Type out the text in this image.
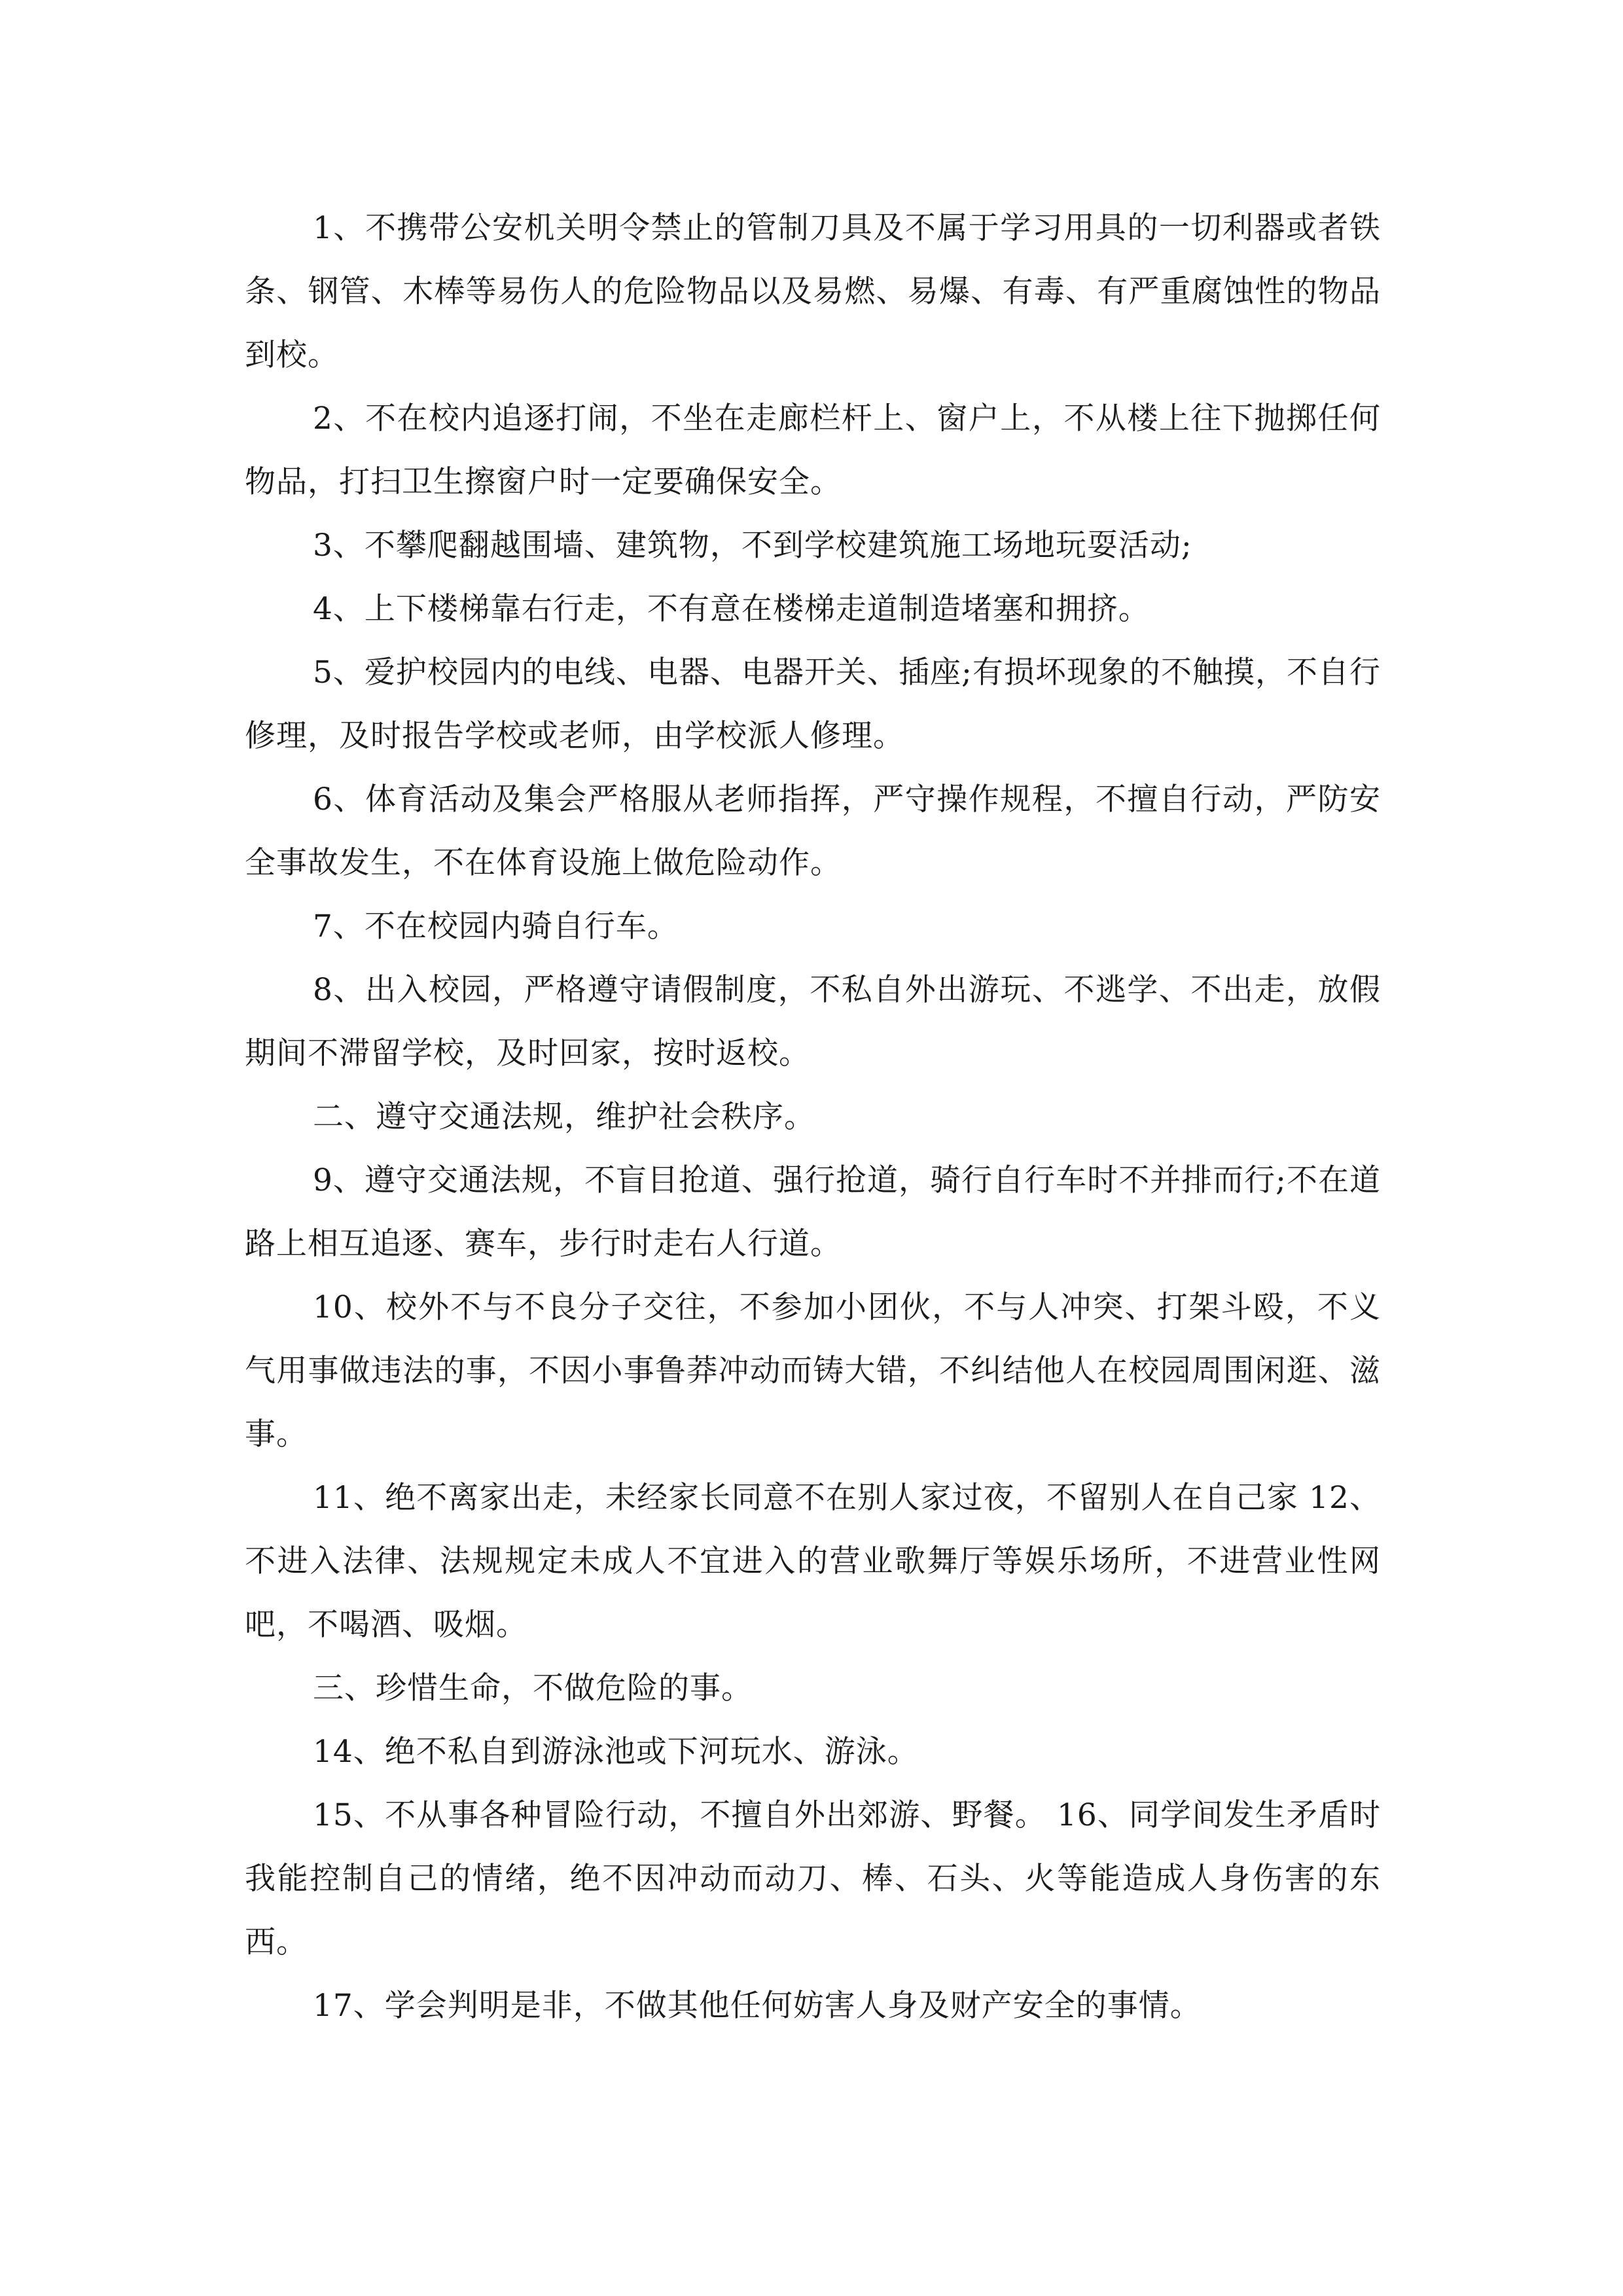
1、不携带公安机关明令禁止的管制刀具及不属于学习用具的一切利器或者铁条、钢管、木棒等易伤人的危险物品以及易燃、易爆、有毒、有严重腐蚀性的物品到校。

2、不在校内追逐打闹，不坐在走廊栏杆上、窗户上，不从楼上往下抛掷任何物品，打扫卫生擦窗户时一定要确保安全。

3、不攀爬翻越围墙、建筑物，不到学校建筑施工场地玩耍活动;

4、上下楼梯靠右行走，不有意在楼梯走道制造堵塞和拥挤。

5、爱护校园内的电线、电器、电器开关、插座;有损坏现象的不触摸，不自行修理，及时报告学校或老师，由学校派人修理。

6、体育活动及集会严格服从老师指挥，严守操作规程，不擅自行动，严防安全事故发生，不在体育设施上做危险动作。

7、不在校园内骑自行车。

8、出入校园，严格遵守请假制度，不私自外出游玩、不逃学、不出走，放假期间不滞留学校，及时回家，按时返校。

二、遵守交通法规，维护社会秩序。

9、遵守交通法规，不盲目抢道、强行抢道，骑行自行车时不并排而行;不在道路上相互追逐、赛车，步行时走右人行道。

10、校外不与不良分子交往，不参加小团伙，不与人冲突、打架斗殴，不义气用事做违法的事，不因小事鲁莽冲动而铸大错，不纠结他人在校园周围闲逛、滋事。

11、绝不离家出走，未经家长同意不在别人家过夜，不留别人在自己家 12、不进入法律、法规规定未成人不宜进入的营业歌舞厅等娱乐场所，不进营业性网吧，不喝酒、吸烟。

三、珍惜生命，不做危险的事。

14、绝不私自到游泳池或下河玩水、游泳。

15、不从事各种冒险行动，不擅自外出郊游、野餐。 16、同学间发生矛盾时我能控制自己的情绪，绝不因冲动而动刀、棒、石头、火等能造成人身伤害的东西。

17、学会判明是非，不做其他任何妨害人身及财产安全的事情。
